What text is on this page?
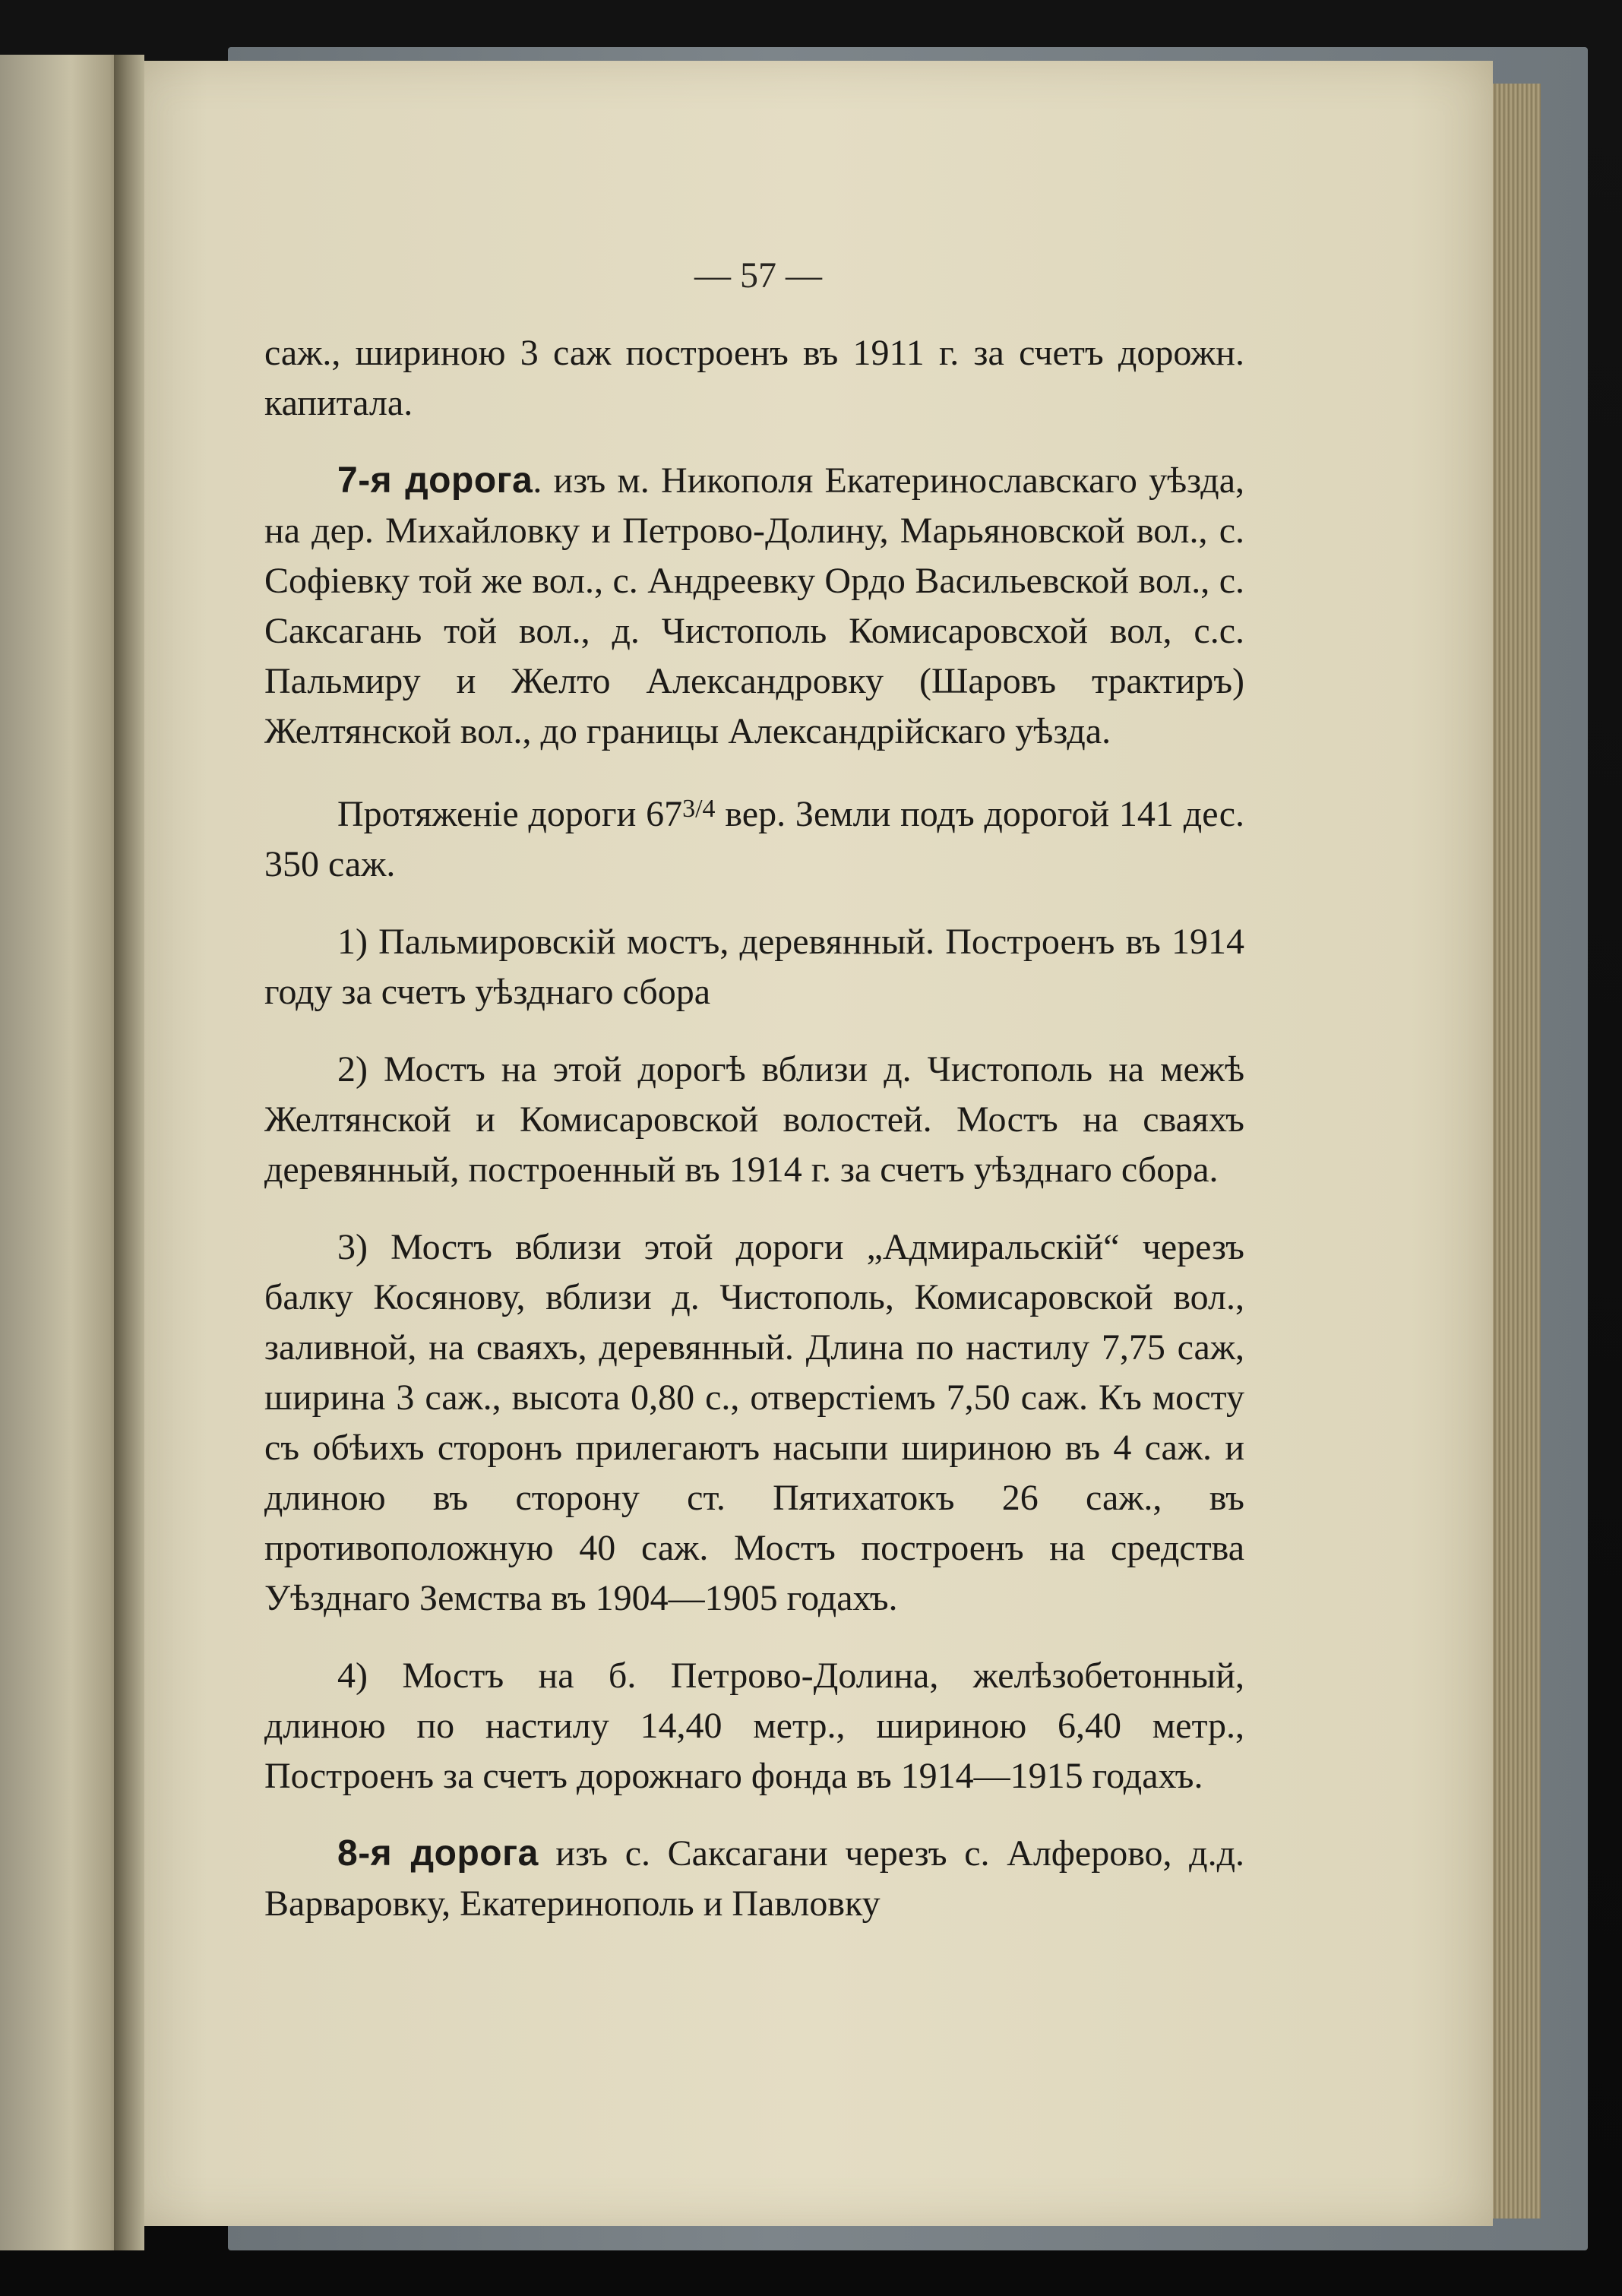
— 57 —

саж., шириною 3 саж построенъ въ 1911 г. за счетъ дорожн. капитала.

7-я дорога. изъ м. Никополя Екатеринославскаго уѣзда, на дер. Михайловку и Петрово-Долину, Марьяновской вол., с. Софіевку той же вол., с. Андреевку Ордо Васильевской вол., с. Саксагань той вол., д. Чистополь Комисаровсхой вол, с.с. Пальмиру и Желто Александровку (Шаровъ трактиръ) Желтянской вол., до границы Александрійскаго уѣзда.

Протяженіе дороги $67^{3/4}$ вер. Земли подъ дорогой 141 дес. 350 саж.

1) Пальмировскій мостъ, деревянный. Построенъ въ 1914 году за счетъ уѣзднаго сбора

2) Мостъ на этой дорогѣ вблизи д. Чистополь на межѣ Желтянской и Комисаровской волостей. Мостъ на сваяхъ деревянный, построенный въ 1914 г. за счетъ уѣзднаго сбора.

3) Мостъ вблизи этой дороги „Адмиральскій“ черезъ балку Косянову, вблизи д. Чистополь, Комисаровской вол., заливной, на сваяхъ, деревянный. Длина по настилу 7,75 саж, ширина 3 саж., высота 0,80 с., отверстіемъ 7,50 саж. Къ мосту съ обѣихъ сторонъ прилегаютъ насыпи шириною въ 4 саж. и длиною въ сторону ст. Пятихатокъ 26 саж., въ противоположную 40 саж. Мостъ построенъ на средства Уѣзднаго Земства въ 1904—1905 годахъ.

4) Мостъ на б. Петрово-Долина, желѣзобетонный, длиною по настилу 14,40 метр., шириною 6,40 метр., Построенъ за счетъ дорожнаго фонда въ 1914—1915 годахъ.

8-я дорога изъ с. Саксагани черезъ с. Алферово, д.д. Варваровку, Екатеринополь и Павловку
